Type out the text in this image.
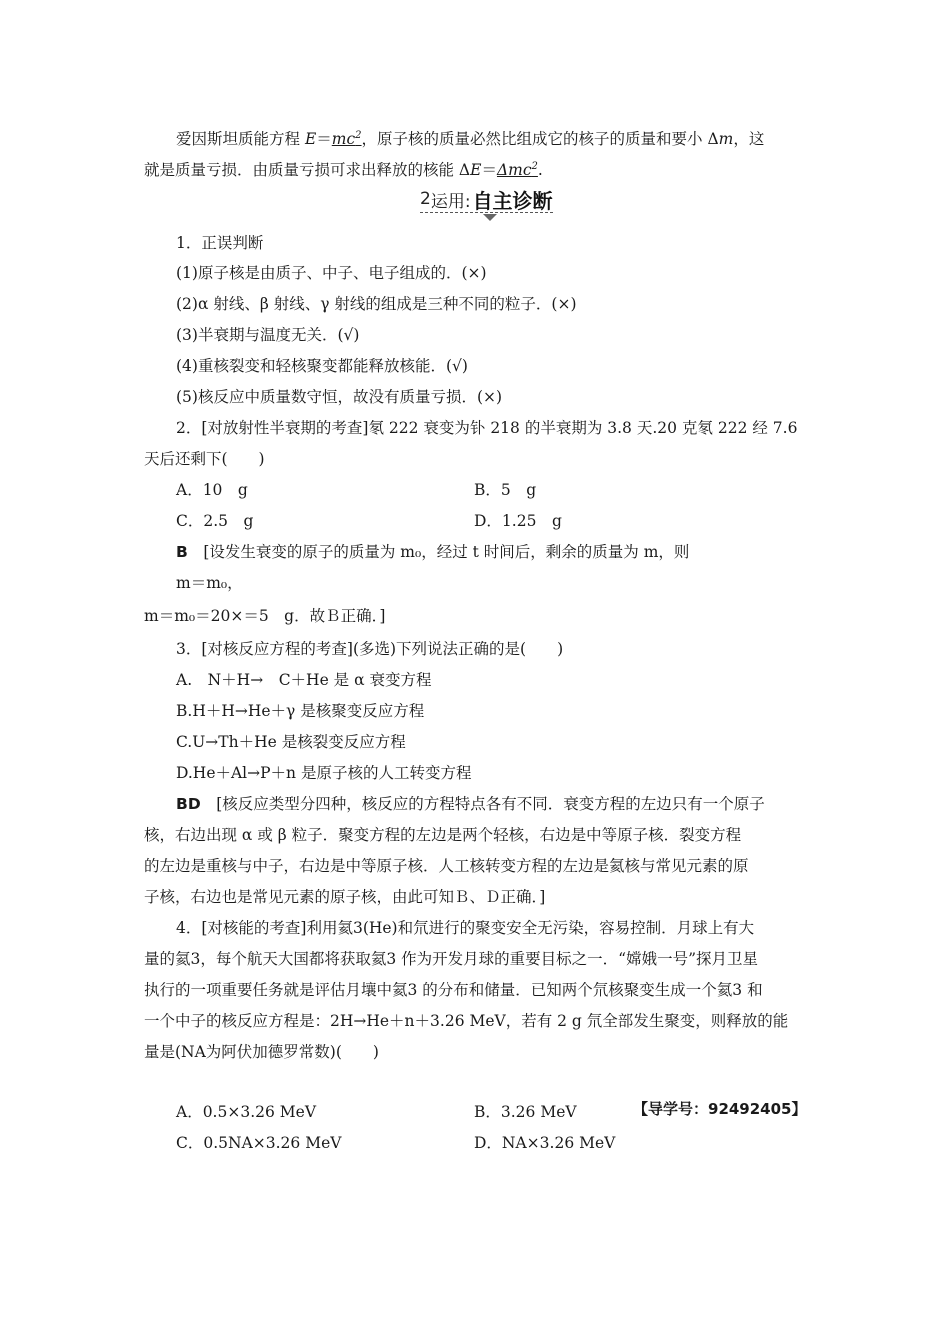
爱因斯坦质能方程 $E=mc^2$，原子核的质量必然比组成它的核子的质量和要小 Δm，这
就是质量亏损．由质量亏损可求出释放的核能 ΔE＝Δmc$^2$.
2 运用: 自主诊断
1．正误判断
(1)原子核是由质子、中子、电子组成的．(×)
(2)α 射线、β 射线、γ 射线的组成是三种不同的粒子．(×)
(3)半衰期与温度无关．(√)
(4)重核裂变和轻核聚变都能释放核能．(√)
(5)核反应中质量数守恒，故没有质量亏损．(×)
2．[对放射性半衰期的考查]氡 222 衰变为钋 218 的半衰期为 3.8 天.20 克氡 222 经 7.6
天后还剩下(　　)
A．10　g	B．5　g
C．2.5　g	D．1.25　g
B　[设发生衰变的原子的质量为 m₀，经过 t 时间后，剩余的质量为 m，则
m＝m₀，
m＝m₀＝20×＝5　g．故Ｂ正确．]
3．[对核反应方程的考查](多选)下列说法正确的是(　　)
A.　N＋H→　C＋He 是 α 衰变方程
B.H＋H→He＋γ 是核聚变反应方程
C.U→Th＋He 是核裂变反应方程
D.He＋Al→P＋n 是原子核的人工转变方程
BD　[核反应类型分四种，核反应的方程特点各有不同．衰变方程的左边只有一个原子
核，右边出现 α 或 β 粒子．聚变方程的左边是两个轻核，右边是中等原子核．裂变方程
的左边是重核与中子，右边是中等原子核．人工核转变方程的左边是氦核与常见元素的原
子核，右边也是常见元素的原子核，由此可知Ｂ、Ｄ正确．]
4．[对核能的考查]利用氦3(He)和氘进行的聚变安全无污染，容易控制．月球上有大
量的氦3，每个航天大国都将获取氦3 作为开发月球的重要目标之一．“嫦娥一号”探月卫星
执行的一项重要任务就是评估月壤中氦3 的分布和储量．已知两个氘核聚变生成一个氦3 和
一个中子的核反应方程是：2H→He＋n＋3.26 MeV，若有 2 g 氘全部发生聚变，则释放的能
量是(NA为阿伏加德罗常数)(　　)
【导学号：92492405】
A．0.5×3.26 MeV	B．3.26 MeV
C．0.5NA×3.26 MeV	D．NA×3.26 MeV
